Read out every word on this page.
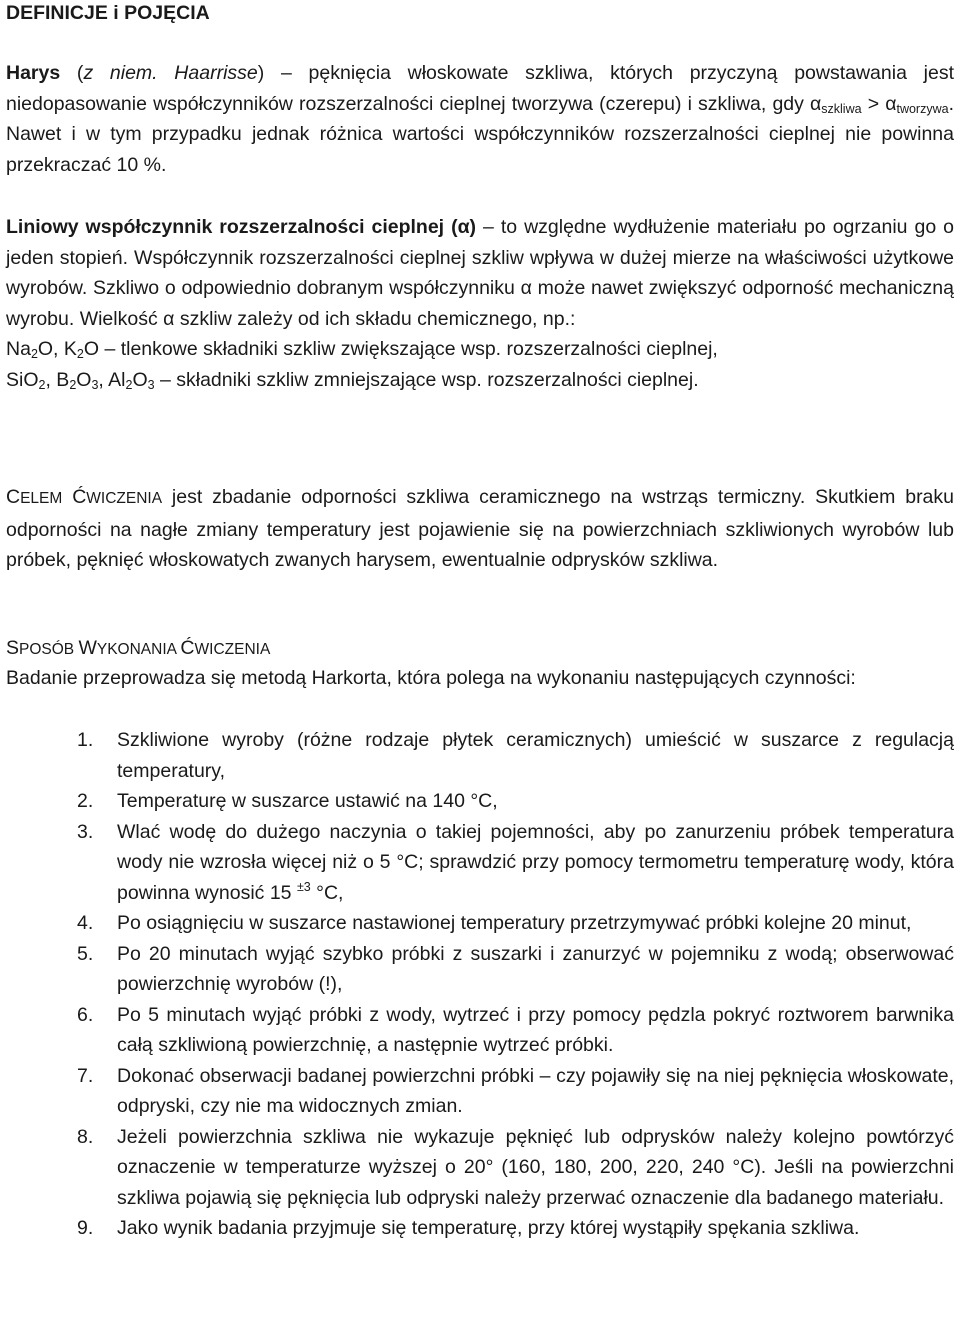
DEFINICJE i POJĘCIA

Harys (z niem. Haarrisse) – pęknięcia włoskowate szkliwa, których przyczyną powstawania jest niedopasowanie współczynników rozszerzalności cieplnej tworzywa (czerepu) i szkliwa, gdy $\alpha_{szkliwa} > \alpha_{tworzywa}$. Nawet i w tym przypadku jednak różnica wartości współczynników rozszerzalności cieplnej nie powinna przekraczać 10 %.

Liniowy współczynnik rozszerzalności cieplnej (α) – to względne wydłużenie materiału po ogrzaniu go o jeden stopień. Współczynnik rozszerzalności cieplnej szkliw wpływa w dużej mierze na właściwości użytkowe wyrobów. Szkliwo o odpowiednio dobranym współczynniku α może nawet zwiększyć odporność mechaniczną wyrobu. Wielkość α szkliw zależy od ich składu chemicznego, np.:
$Na_2O$, $K_2O$ – tlenkowe składniki szkliw zwiększające wsp. rozszerzalności cieplnej,
SiO$_2$, $B_2O_3$, $Al_2O_3$ – składniki szkliw zmniejszające wsp. rozszerzalności cieplnej.

CELEM ĆWICZENIA jest zbadanie odporności szkliwa ceramicznego na wstrząs termiczny. Skutkiem braku odporności na nagłe zmiany temperatury jest pojawienie się na powierzchniach szkliwionych wyrobów lub próbek, pęknięć włoskowatych zwanych harysem, ewentualnie odprysków szkliwa.

SPOSÓB WYKONANIA ĆWICZENIA

Badanie przeprowadza się metodą Harkorta, która polega na wykonaniu następujących czynności:

1. Szkliwione wyroby (różne rodzaje płytek ceramicznych) umieścić w suszarce z regulacją temperatury,
2. Temperaturę w suszarce ustawić na 140 °C,
3. Wlać wodę do dużego naczynia o takiej pojemności, aby po zanurzeniu próbek temperatura wody nie wzrosła więcej niż o 5 °C; sprawdzić przy pomocy termometru temperaturę wody, która powinna wynosić 15 $^{\pm 3}$ °C,
4. Po osiągnięciu w suszarce nastawionej temperatury przetrzymywać próbki kolejne 20 minut,
5. Po 20 minutach wyjąć szybko próbki z suszarki i zanurzyć w pojemniku z wodą; obserwować powierzchnię wyrobów (!),
6. Po 5 minutach wyjąć próbki z wody, wytrzeć i przy pomocy pędzla pokryć roztworem barwnika całą szkliwioną powierzchnię, a następnie wytrzeć próbki.
7. Dokonać obserwacji badanej powierzchni próbki – czy pojawiły się na niej pęknięcia włoskowate, odpryski, czy nie ma widocznych zmian.
8. Jeżeli powierzchnia szkliwa nie wykazuje pęknięć lub odprysków należy kolejno powtórzyć oznaczenie w temperaturze wyższej o 20° (160, 180, 200, 220, 240 °C). Jeśli na powierzchni szkliwa pojawią się pęknięcia lub odpryski należy przerwać oznaczenie dla badanego materiału.
9. Jako wynik badania przyjmuje się temperaturę, przy której wystąpiły spękania szkliwa.
